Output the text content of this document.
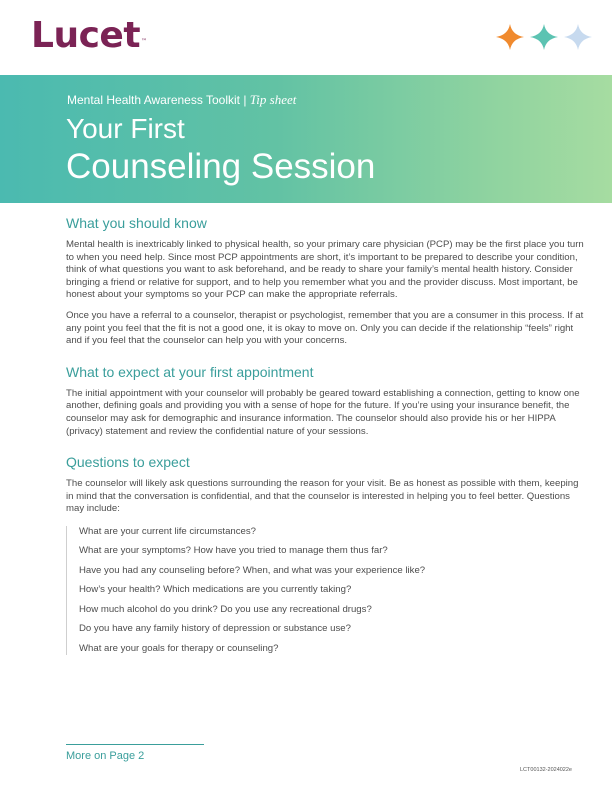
Lucet™
Mental Health Awareness Toolkit | Tip sheet
Your First
Counseling Session
What you should know

Mental health is inextricably linked to physical health, so your primary care physician (PCP) may be the first place you turn to when you need help. Since most PCP appointments are short, it’s important to be prepared to describe your condition, think of what questions you want to ask beforehand, and be ready to share your family’s mental health history. Consider bringing a friend or relative for support, and to help you remember what you and the provider discuss. Most important, be honest about your symptoms so your PCP can make the appropriate referrals.

Once you have a referral to a counselor, therapist or psychologist, remember that you are a consumer in this process. If at any point you feel that the fit is not a good one, it is okay to move on. Only you can decide if the relationship “feels” right and if you feel that the counselor can help you with your concerns.

What to expect at your first appointment

The initial appointment with your counselor will probably be geared toward establishing a connection, getting to know one another, defining goals and providing you with a sense of hope for the future. If you’re using your insurance benefit, the counselor may ask for demographic and insurance information. The counselor should also provide his or her HIPPA (privacy) statement and review the confidential nature of your sessions.

Questions to expect

The counselor will likely ask questions surrounding the reason for your visit. Be as honest as possible with them, keeping in mind that the conversation is confidential, and that the counselor is interested in helping you to feel better. Questions may include:

What are your current life circumstances?
What are your symptoms? How have you tried to manage them thus far?
Have you had any counseling before? When, and what was your experience like?
How’s your health? Which medications are you currently taking?
How much alcohol do you drink? Do you use any recreational drugs?
Do you have any family history of depression or substance use?
What are your goals for therapy or counseling?
More on Page 2
LCT00132-2024022e
